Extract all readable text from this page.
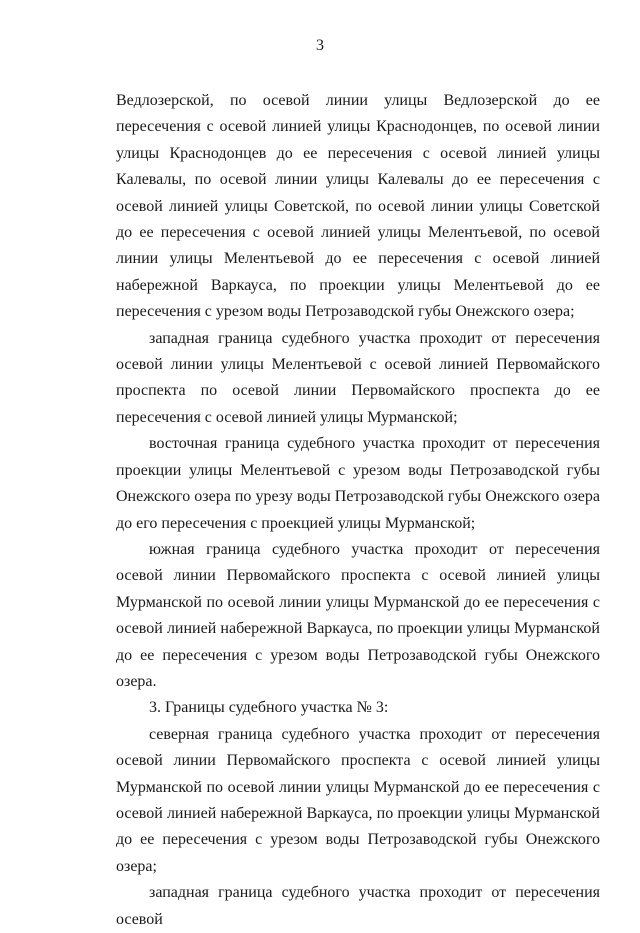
3

Ведлозерской, по осевой линии улицы Ведлозерской до ее пересечения с осевой линией улицы Краснодонцев, по осевой линии улицы Краснодонцев до ее пересечения с осевой линией улицы Калевалы, по осевой линии улицы Калевалы до ее пересечения с осевой линией улицы Советской, по осевой линии улицы Советской до ее пересечения с осевой линией улицы Мелентьевой, по осевой линии улицы Мелентьевой до ее пересечения с осевой линией набережной Варкауса, по проекции улицы Мелентьевой до ее пересечения с урезом воды Петрозаводской губы Онежского озера;

западная граница судебного участка проходит от пересечения осевой линии улицы Мелентьевой с осевой линией Первомайского проспекта по осевой линии Первомайского проспекта до ее пересечения с осевой линией улицы Мурманской;

восточная граница судебного участка проходит от пересечения проекции улицы Мелентьевой с урезом воды Петрозаводской губы Онежского озера по урезу воды Петрозаводской губы Онежского озера до его пересечения с проекцией улицы Мурманской;

южная граница судебного участка проходит от пересечения осевой линии Первомайского проспекта с осевой линией улицы Мурманской по осевой линии улицы Мурманской до ее пересечения с осевой линией набережной Варкауса, по проекции улицы Мурманской до ее пересечения с урезом воды Петрозаводской губы Онежского озера.

3. Границы судебного участка № 3:

северная граница судебного участка проходит от пересечения осевой линии Первомайского проспекта с осевой линией улицы Мурманской по осевой линии улицы Мурманской до ее пересечения с осевой линией набережной Варкауса, по проекции улицы Мурманской до ее пересечения с урезом воды Петрозаводской губы Онежского озера;

западная граница судебного участка проходит от пересечения осевой
